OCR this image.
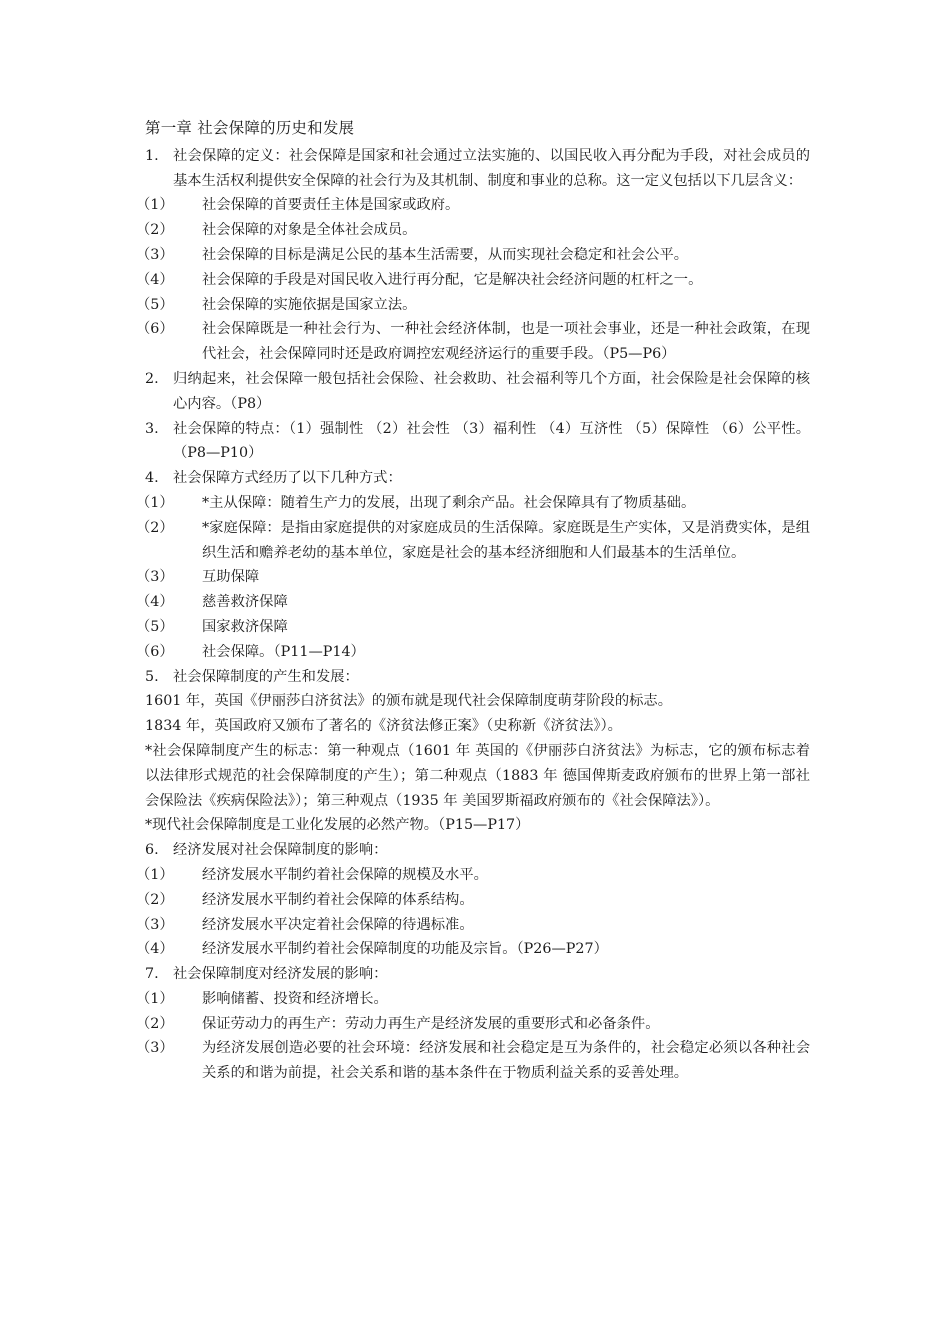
第一章 社会保障的历史和发展
1.	社会保障的定义：社会保障是国家和社会通过立法实施的、以国民收入再分配为手段，对社会成员的基本生活权利提供安全保障的社会行为及其机制、制度和事业的总称。这一定义包括以下几层含义：
（1）	社会保障的首要责任主体是国家或政府。
（2）	社会保障的对象是全体社会成员。
（3）	社会保障的目标是满足公民的基本生活需要，从而实现社会稳定和社会公平。
（4）	社会保障的手段是对国民收入进行再分配，它是解决社会经济问题的杠杆之一。
（5）	社会保障的实施依据是国家立法。
（6）	社会保障既是一种社会行为、一种社会经济体制，也是一项社会事业，还是一种社会政策，在现代社会，社会保障同时还是政府调控宏观经济运行的重要手段。（P5—P6）
2.	归纳起来，社会保障一般包括社会保险、社会救助、社会福利等几个方面，社会保险是社会保障的核心内容。（P8）
3.	社会保障的特点：（1）强制性 （2）社会性 （3）福利性 （4）互济性 （5）保障性 （6）公平性。（P8—P10）
4.	社会保障方式经历了以下几种方式：
（1）	*主从保障：随着生产力的发展，出现了剩余产品。社会保障具有了物质基础。
（2）	*家庭保障：是指由家庭提供的对家庭成员的生活保障。家庭既是生产实体，又是消费实体，是组织生活和赡养老幼的基本单位，家庭是社会的基本经济细胞和人们最基本的生活单位。
（3）	互助保障
（4）	慈善救济保障
（5）	国家救济保障
（6）	社会保障。（P11—P14）
5.	社会保障制度的产生和发展：
1601 年，英国《伊丽莎白济贫法》的颁布就是现代社会保障制度萌芽阶段的标志。
1834 年，英国政府又颁布了著名的《济贫法修正案》（史称新《济贫法》）。
*社会保障制度产生的标志：第一种观点（1601 年 英国的《伊丽莎白济贫法》为标志，它的颁布标志着以法律形式规范的社会保障制度的产生）；第二种观点（1883 年 德国俾斯麦政府颁布的世界上第一部社会保险法《疾病保险法》）；第三种观点（1935 年 美国罗斯福政府颁布的《社会保障法》）。
*现代社会保障制度是工业化发展的必然产物。（P15—P17）
6.	经济发展对社会保障制度的影响：
（1）	经济发展水平制约着社会保障的规模及水平。
（2）	经济发展水平制约着社会保障的体系结构。
（3）	经济发展水平决定着社会保障的待遇标准。
（4）	经济发展水平制约着社会保障制度的功能及宗旨。（P26—P27）
7.	社会保障制度对经济发展的影响：
（1）	影响储蓄、投资和经济增长。
（2）	保证劳动力的再生产：劳动力再生产是经济发展的重要形式和必备条件。
（3）	为经济发展创造必要的社会环境：经济发展和社会稳定是互为条件的，社会稳定必须以各种社会关系的和谐为前提，社会关系和谐的基本条件在于物质利益关系的妥善处理。
